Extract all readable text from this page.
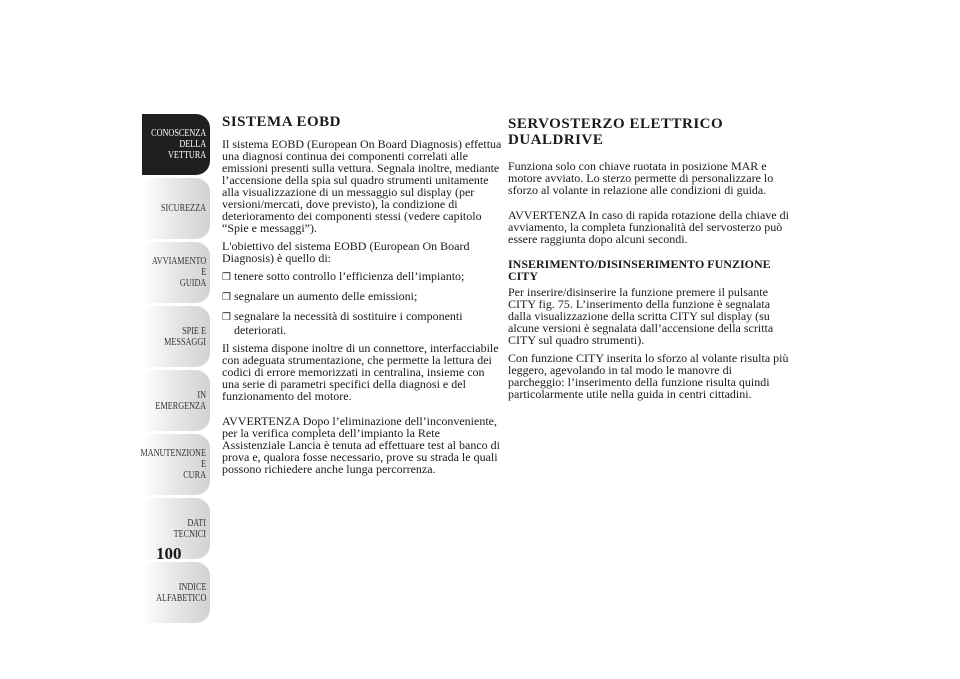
CONOSCENZA
DELLA VETTURA
SICUREZZA
AVVIAMENTO E
GUIDA
SPIE E MESSAGGI
IN EMERGENZA
MANUTENZIONE E
CURA
DATI TECNICI
INDICE
ALFABETICO
100
SISTEMA EOBD

Il sistema EOBD (European On Board Diagnosis) effettua una diagnosi continua dei componenti correlati alle emissioni presenti sulla vettura. Segnala inoltre, mediante l’accensione della spia sul quadro strumenti unitamente alla visualizzazione di un messaggio sul display (per versioni/mercati, dove previsto), la condizione di deterioramento dei componenti stessi (vedere capitolo “Spie e messaggi”).

L'obiettivo del sistema EOBD (European On Board Diagnosis) è quello di:

❒ tenere sotto controllo l’efficienza dell’impianto;
❒ segnalare un aumento delle emissioni;
❒ segnalare la necessità di sostituire i componenti deteriorati.

Il sistema dispone inoltre di un connettore, interfacciabile con adeguata strumentazione, che permette la lettura dei codici di errore memorizzati in centralina, insieme con una serie di parametri specifici della diagnosi e del funzionamento del motore.

AVVERTENZA Dopo l’eliminazione dell’inconveniente, per la verifica completa dell’impianto la Rete Assistenziale Lancia è tenuta ad effettuare test al banco di prova e, qualora fosse necessario, prove su strada le quali possono richiedere anche lunga percorrenza.

SERVOSTERZO ELETTRICO DUALDRIVE

Funziona solo con chiave ruotata in posizione MAR e motore avviato. Lo sterzo permette di personalizzare lo sforzo al volante in relazione alle condizioni di guida.

AVVERTENZA In caso di rapida rotazione della chiave di avviamento, la completa funzionalità del servosterzo può essere raggiunta dopo alcuni secondi.

INSERIMENTO/DISINSERIMENTO FUNZIONE CITY

Per inserire/disinserire la funzione premere il pulsante CITY fig. 75. L’inserimento della funzione è segnalata dalla visualizzazione della scritta CITY sul display (su alcune versioni è segnalata dall’accensione della scritta CITY sul quadro strumenti).

Con funzione CITY inserita lo sforzo al volante risulta più leggero, agevolando in tal modo le manovre di parcheggio: l’inserimento della funzione risulta quindi particolarmente utile nella guida in centri cittadini.
